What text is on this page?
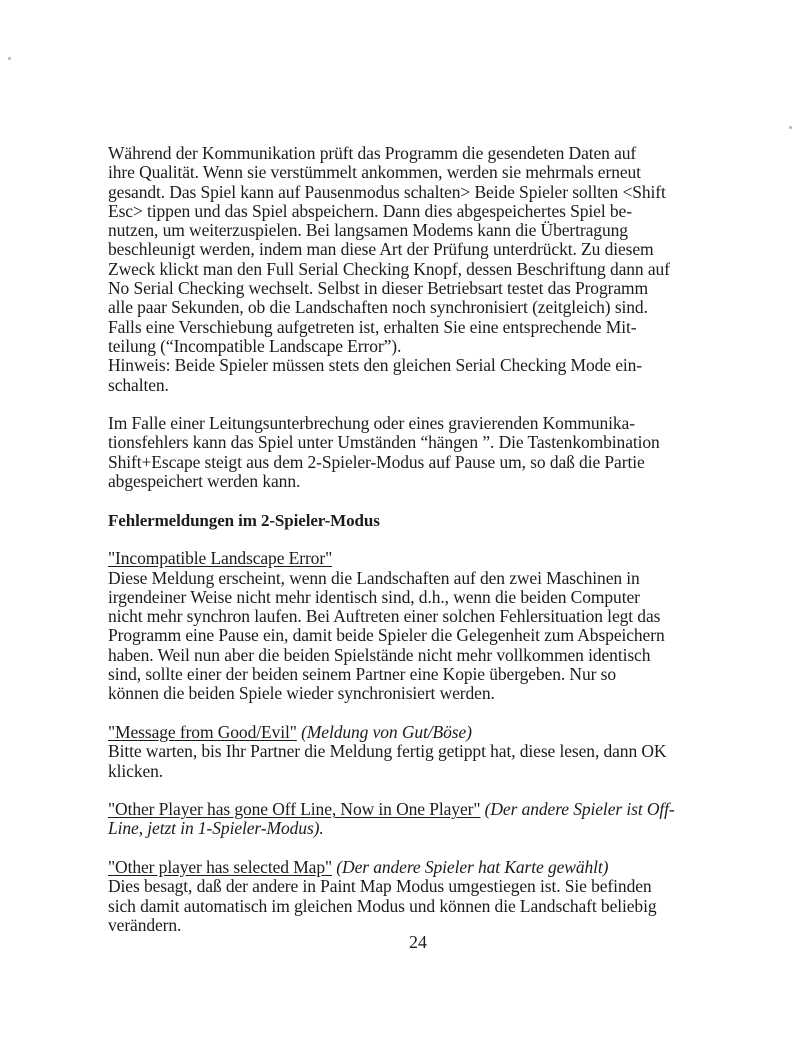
Während der Kommunikation prüft das Programm die gesendeten Daten auf
ihre Qualität. Wenn sie verstümmelt ankommen, werden sie mehrmals erneut
gesandt. Das Spiel kann auf Pausenmodus schalten> Beide Spieler sollten <Shift
Esc> tippen und das Spiel abspeichern. Dann dies abgespeichertes Spiel be-
nutzen, um weiterzuspielen. Bei langsamen Modems kann die Übertragung
beschleunigt werden, indem man diese Art der Prüfung unterdrückt. Zu diesem
Zweck klickt man den Full Serial Checking Knopf, dessen Beschriftung dann auf
No Serial Checking wechselt. Selbst in dieser Betriebsart testet das Programm
alle paar Sekunden, ob die Landschaften noch synchronisiert (zeitgleich) sind.
Falls eine Verschiebung aufgetreten ist, erhalten Sie eine entsprechende Mit-
teilung (“Incompatible Landscape Error”).
Hinweis: Beide Spieler müssen stets den gleichen Serial Checking Mode ein-
schalten.

Im Falle einer Leitungsunterbrechung oder eines gravierenden Kommunika-
tionsfehlers kann das Spiel unter Umständen “hängen ”. Die Tastenkombination
Shift+Escape steigt aus dem 2-Spieler-Modus auf Pause um, so daß die Partie
abgespeichert werden kann.

Fehlermeldungen im 2-Spieler-Modus

"Incompatible Landscape Error"
Diese Meldung erscheint, wenn die Landschaften auf den zwei Maschinen in
irgendeiner Weise nicht mehr identisch sind, d.h., wenn die beiden Computer
nicht mehr synchron laufen. Bei Auftreten einer solchen Fehlersituation legt das
Programm eine Pause ein, damit beide Spieler die Gelegenheit zum Abspeichern
haben. Weil nun aber die beiden Spielstände nicht mehr vollkommen identisch
sind, sollte einer der beiden seinem Partner eine Kopie übergeben. Nur so
können die beiden Spiele wieder synchronisiert werden.

"Message from Good/Evil" (Meldung von Gut/Böse)
Bitte warten, bis Ihr Partner die Meldung fertig getippt hat, diese lesen, dann OK
klicken.

"Other Player has gone Off Line, Now in One Player" (Der andere Spieler ist Off-
Line, jetzt in 1-Spieler-Modus).

"Other player has selected Map" (Der andere Spieler hat Karte gewählt)
Dies besagt, daß der andere in Paint Map Modus umgestiegen ist. Sie befinden
sich damit automatisch im gleichen Modus und können die Landschaft beliebig
verändern.

24
